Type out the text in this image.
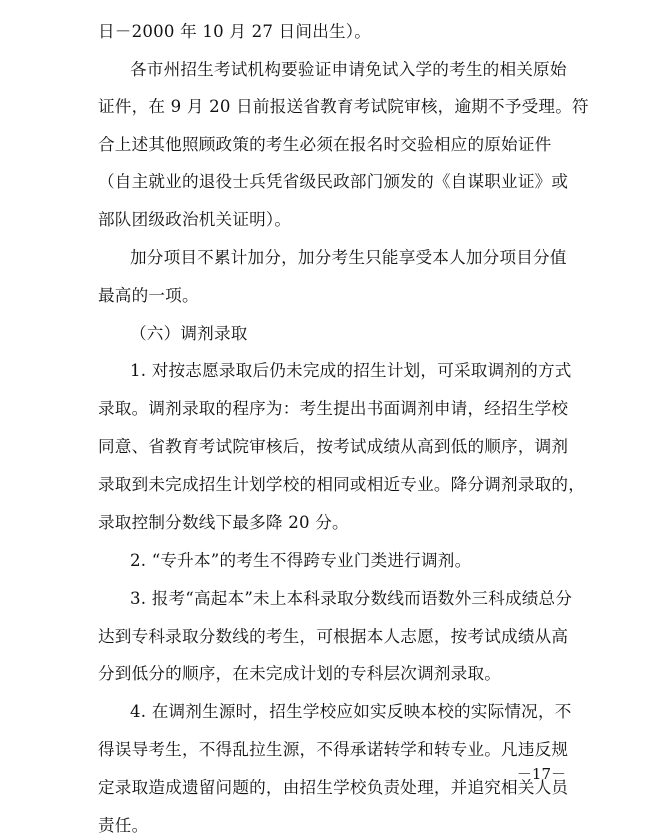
日－2000 年 10 月 27 日间出生）。
各市州招生考试机构要验证申请免试入学的考生的相关原始
证件，在 9 月 20 日前报送省教育考试院审核，逾期不予受理。符
合上述其他照顾政策的考生必须在报名时交验相应的原始证件
（自主就业的退役士兵凭省级民政部门颁发的《自谋职业证》或
部队团级政治机关证明）。
加分项目不累计加分，加分考生只能享受本人加分项目分值
最高的一项。
（六）调剂录取
1. 对按志愿录取后仍未完成的招生计划，可采取调剂的方式
录取。调剂录取的程序为：考生提出书面调剂申请，经招生学校
同意、省教育考试院审核后，按考试成绩从高到低的顺序，调剂
录取到未完成招生计划学校的相同或相近专业。降分调剂录取的，
录取控制分数线下最多降 20 分。
2. “专升本”的考生不得跨专业门类进行调剂。
3. 报考“高起本”未上本科录取分数线而语数外三科成绩总分
达到专科录取分数线的考生，可根据本人志愿，按考试成绩从高
分到低分的顺序，在未完成计划的专科层次调剂录取。
4. 在调剂生源时，招生学校应如实反映本校的实际情况，不
得误导考生，不得乱拉生源，不得承诺转学和转专业。凡违反规
定录取造成遗留问题的，由招生学校负责处理，并追究相关人员
责任。
－17－
